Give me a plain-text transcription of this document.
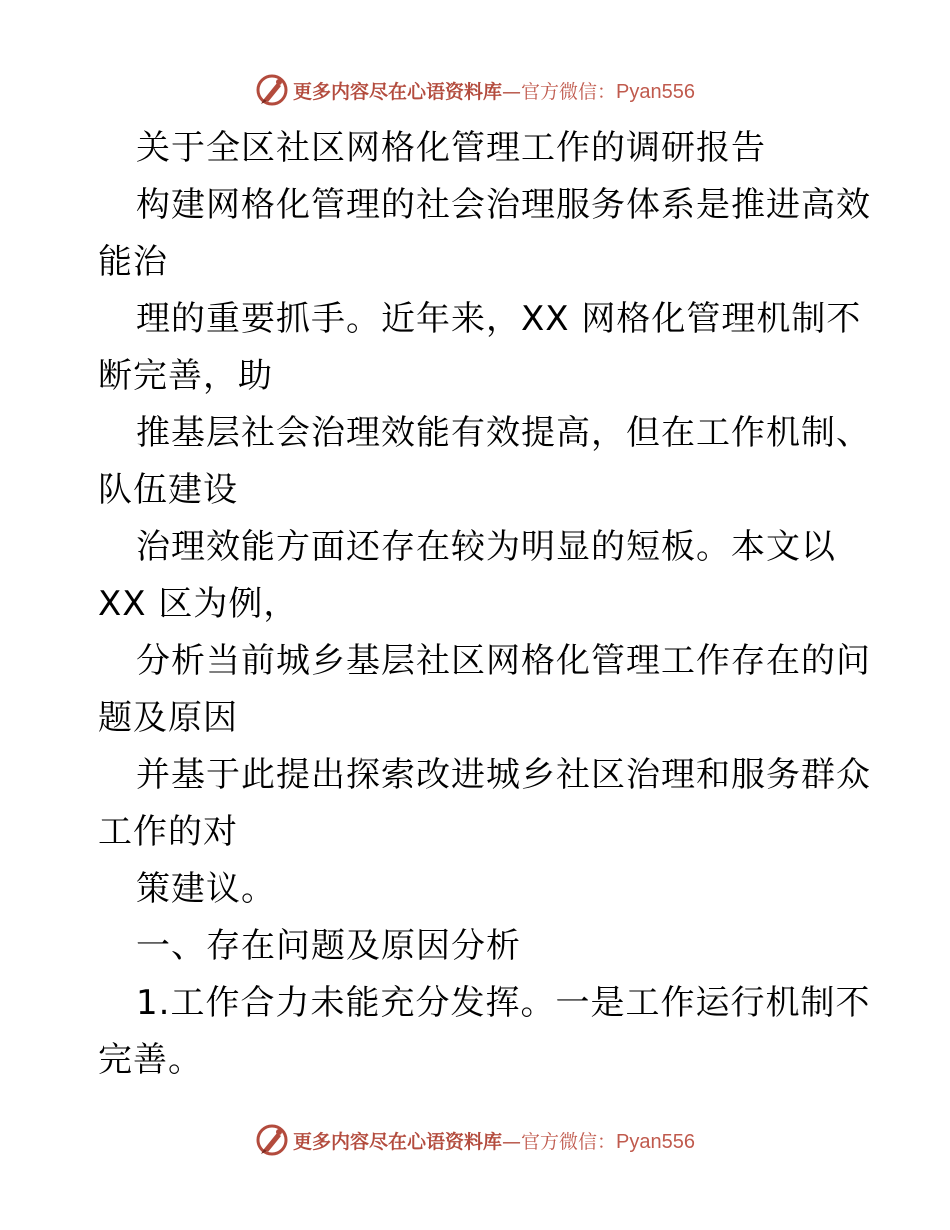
更多内容尽在心语资料库 — 官方微信： Pyan556
关于全区社区网格化管理工作的调研报告
构建网格化管理的社会治理服务体系是推进高效
能治
理的重要抓手。近年来，XX 网格化管理机制不
断完善，助
推基层社会治理效能有效提高，但在工作机制、
队伍建设
治理效能方面还存在较为明显的短板。本文以
XX 区为例，
分析当前城乡基层社区网格化管理工作存在的问
题及原因
并基于此提出探索改进城乡社区治理和服务群众
工作的对
策建议。
一、存在问题及原因分析
1.工作合力未能充分发挥。一是工作运行机制不
完善。
更多内容尽在心语资料库 — 官方微信： Pyan556
